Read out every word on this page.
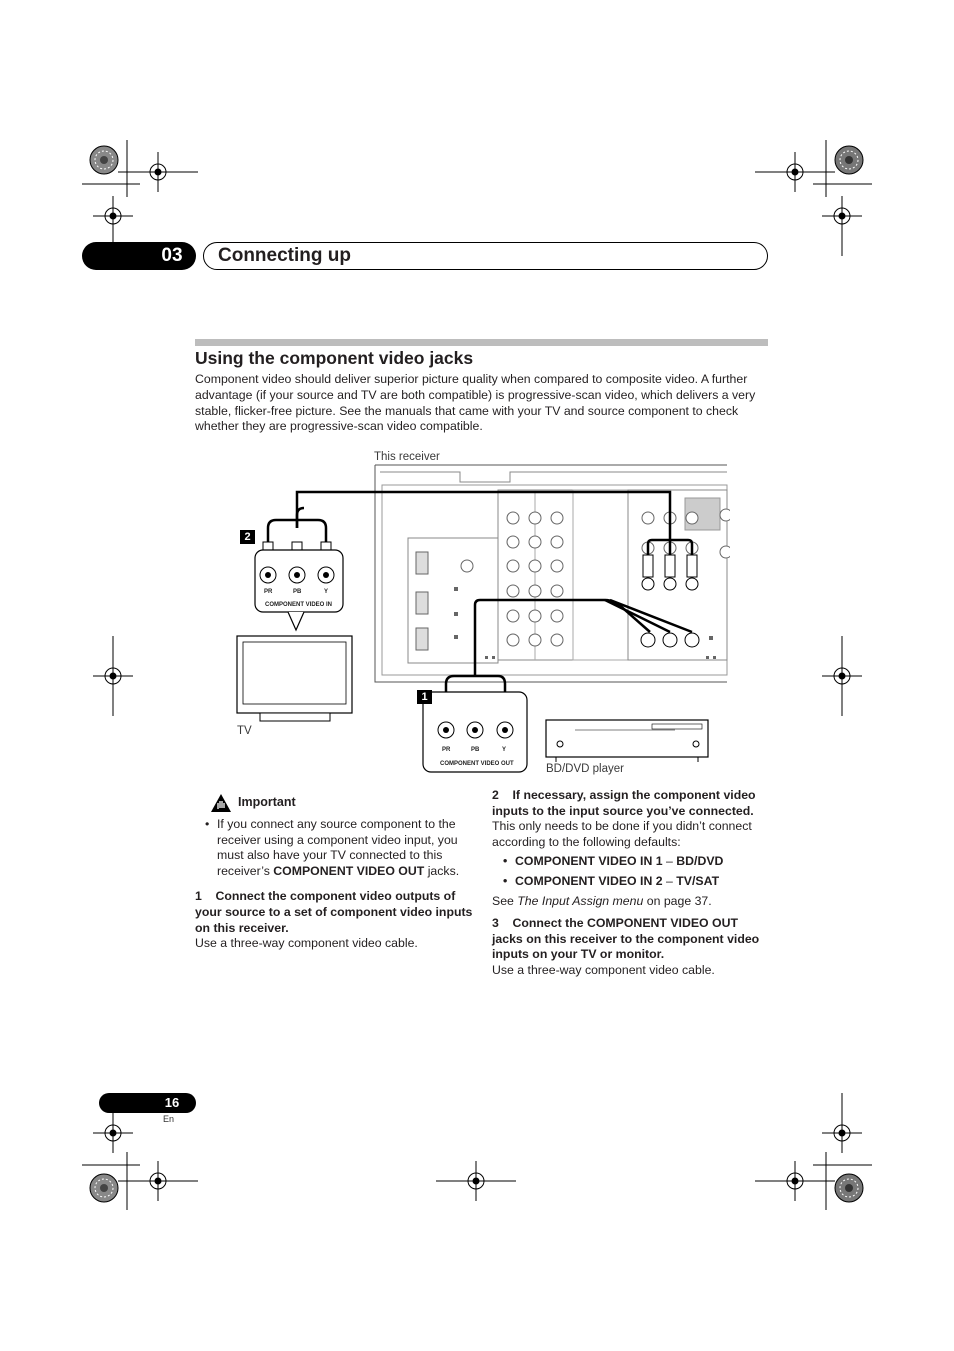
03	Connecting up
Using the component video jacks

Component video should deliver superior picture quality when compared to composite video. A further advantage (if your source and TV are both compatible) is progressive-scan video, which delivers a very stable, flicker-free picture. See the manuals that came with your TV and source component to check whether they are progressive-scan video compatible.

This receiver
TV
BD/DVD player
2
1
PR	PB	Y
COMPONENT VIDEO IN
PR	PB	Y
COMPONENT VIDEO OUT
Important
• If you connect any source component to the receiver using a component video input, you must also have your TV connected to this receiver’s COMPONENT VIDEO OUT jacks.

1 Connect the component video outputs of your source to a set of component video inputs on this receiver.

Use a three-way component video cable.

2 If necessary, assign the component video inputs to the input source you’ve connected.

This only needs to be done if you didn’t connect according to the following defaults:

• COMPONENT VIDEO IN 1 – BD/DVD
• COMPONENT VIDEO IN 2 – TV/SAT

See The Input Assign menu on page 37.

3 Connect the COMPONENT VIDEO OUT jacks on this receiver to the component video inputs on your TV or monitor.

Use a three-way component video cable.

16
En
